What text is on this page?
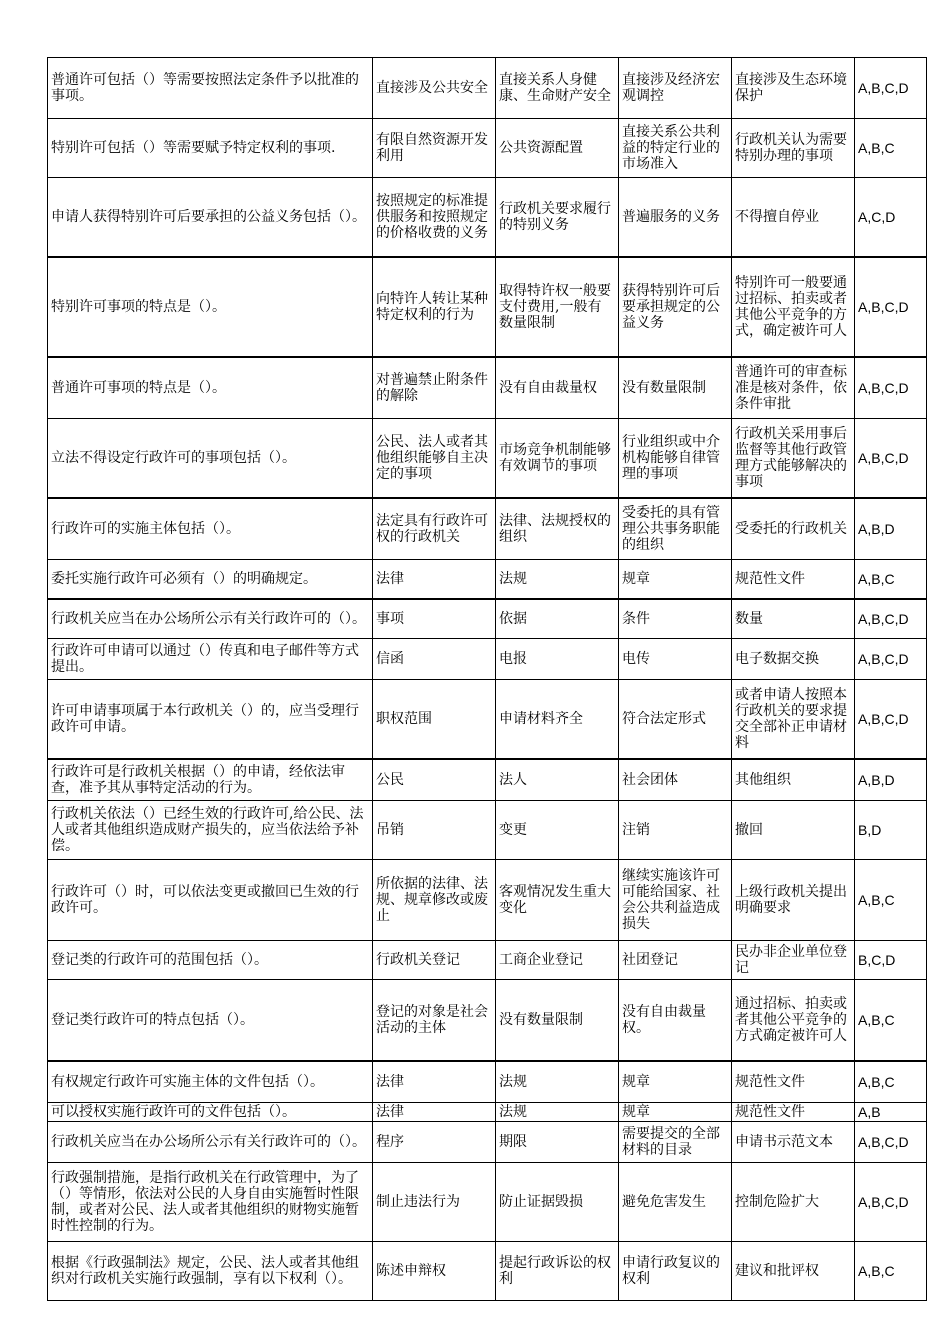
普通许可包括（）等需要按照法定条件予以批准的事项。	直接涉及公共安全	直接关系人身健康、生命财产安全	直接涉及经济宏观调控	直接涉及生态环境保护	A,B,C,D
特别许可包括（）等需要赋予特定权利的事项.	有限自然资源开发利用	公共资源配置	直接关系公共利益的特定行业的市场准入	行政机关认为需要特别办理的事项	A,B,C
申请人获得特别许可后要承担的公益义务包括（）。	按照规定的标准提供服务和按照规定的价格收费的义务	行政机关要求履行的特别义务	普遍服务的义务	不得擅自停业	A,C,D
特别许可事项的特点是（）。	向特许人转让某种特定权利的行为	取得特许权一般要支付费用,一般有数量限制	获得特别许可后要承担规定的公益义务	特别许可一般要通过招标、拍卖或者其他公平竞争的方式，确定被许可人	A,B,C,D
普通许可事项的特点是（）。	对普遍禁止附条件的解除	没有自由裁量权	没有数量限制	普通许可的审查标准是核对条件，依条件审批	A,B,C,D
立法不得设定行政许可的事项包括（）。	公民、法人或者其他组织能够自主决定的事项	市场竞争机制能够有效调节的事项	行业组织或中介机构能够自律管理的事项	行政机关采用事后监督等其他行政管理方式能够解决的事项	A,B,C,D
行政许可的实施主体包括（）。	法定具有行政许可权的行政机关	法律、法规授权的组织	受委托的具有管理公共事务职能的组织	受委托的行政机关	A,B,D
委托实施行政许可必须有（）的明确规定。	法律	法规	规章	规范性文件	A,B,C
行政机关应当在办公场所公示有关行政许可的（）。	事项	依据	条件	数量	A,B,C,D
行政许可申请可以通过（）传真和电子邮件等方式提出。	信函	电报	电传	电子数据交换	A,B,C,D
许可申请事项属于本行政机关（）的，应当受理行政许可申请。	职权范围	申请材料齐全	符合法定形式	或者申请人按照本行政机关的要求提交全部补正申请材料	A,B,C,D
行政许可是行政机关根据（）的申请，经依法审查，准予其从事特定活动的行为。	公民	法人	社会团体	其他组织	A,B,D
行政机关依法（）已经生效的行政许可,给公民、法人或者其他组织造成财产损失的，应当依法给予补偿。	吊销	变更	注销	撤回	B,D
行政许可（）时，可以依法变更或撤回已生效的行政许可。	所依据的法律、法规、规章修改或废止	客观情况发生重大变化	继续实施该许可可能给国家、社会公共利益造成损失	上级行政机关提出明确要求	A,B,C
登记类的行政许可的范围包括（）。	行政机关登记	工商企业登记	社团登记	民办非企业单位登记	B,C,D
登记类行政许可的特点包括（）。	登记的对象是社会活动的主体	没有数量限制	没有自由裁量权。	通过招标、拍卖或者其他公平竞争的方式确定被许可人	A,B,C
有权规定行政许可实施主体的文件包括（）。	法律	法规	规章	规范性文件	A,B,C
可以授权实施行政许可的文件包括（）。	法律	法规	规章	规范性文件	A,B
行政机关应当在办公场所公示有关行政许可的（）。	程序	期限	需要提交的全部材料的目录	申请书示范文本	A,B,C,D
行政强制措施，是指行政机关在行政管理中，为了（）等情形，依法对公民的人身自由实施暂时性限制，或者对公民、法人或者其他组织的财物实施暂时性控制的行为。	制止违法行为	防止证据毁损	避免危害发生	控制危险扩大	A,B,C,D
根据《行政强制法》规定，公民、法人或者其他组织对行政机关实施行政强制，享有以下权利（）。	陈述申辩权	提起行政诉讼的权利	申请行政复议的权利	建议和批评权	A,B,C
